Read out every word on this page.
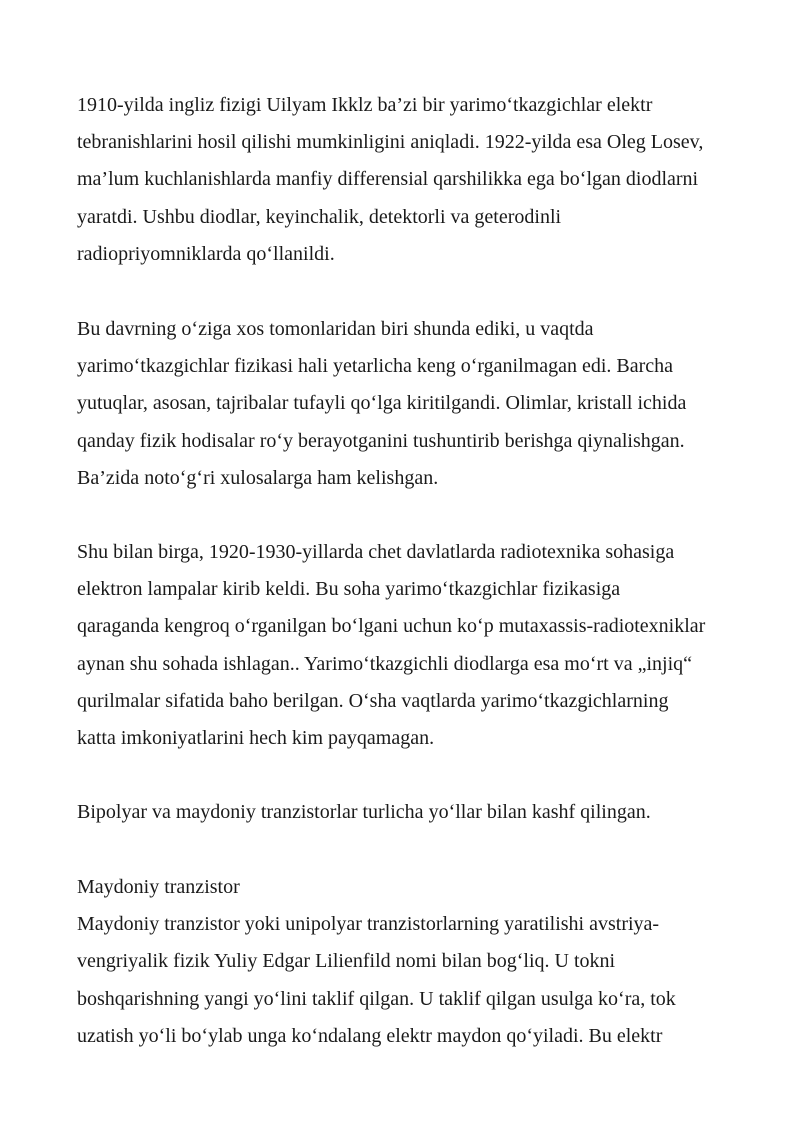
1910-yilda ingliz fizigi Uilyam Ikklz ba’zi bir yarimo‘tkazgichlar elektr
tebranishlarini hosil qilishi mumkinligini aniqladi. 1922-yilda esa Oleg Losev,
ma’lum kuchlanishlarda manfiy differensial qarshilikka ega bo‘lgan diodlarni
yaratdi. Ushbu diodlar, keyinchalik, detektorli va geterodinli
radiopriyomniklarda qo‘llanildi.

Bu davrning o‘ziga xos tomonlaridan biri shunda ediki, u vaqtda
yarimo‘tkazgichlar fizikasi hali yetarlicha keng o‘rganilmagan edi. Barcha
yutuqlar, asosan, tajribalar tufayli qo‘lga kiritilgandi. Olimlar, kristall ichida
qanday fizik hodisalar ro‘y berayotganini tushuntirib berishga qiynalishgan.
Ba’zida noto‘g‘ri xulosalarga ham kelishgan.

Shu bilan birga, 1920-1930-yillarda chet davlatlarda radiotexnika sohasiga
elektron lampalar kirib keldi. Bu soha yarimo‘tkazgichlar fizikasiga
qaraganda kengroq o‘rganilgan bo‘lgani uchun ko‘p mutaxassis-radiotexniklar
aynan shu sohada ishlagan.. Yarimo‘tkazgichli diodlarga esa mo‘rt va „injiq“
qurilmalar sifatida baho berilgan. O‘sha vaqtlarda yarimo‘tkazgichlarning
katta imkoniyatlarini hech kim payqamagan.

Bipolyar va maydoniy tranzistorlar turlicha yo‘llar bilan kashf qilingan.

Maydoniy tranzistor
Maydoniy tranzistor yoki unipolyar tranzistorlarning yaratilishi avstriya-
vengriyalik fizik Yuliy Edgar Lilienfild nomi bilan bog‘liq. U tokni
boshqarishning yangi yo‘lini taklif qilgan. U taklif qilgan usulga ko‘ra, tok
uzatish yo‘li bo‘ylab unga ko‘ndalang elektr maydon qo‘yiladi. Bu elektr
